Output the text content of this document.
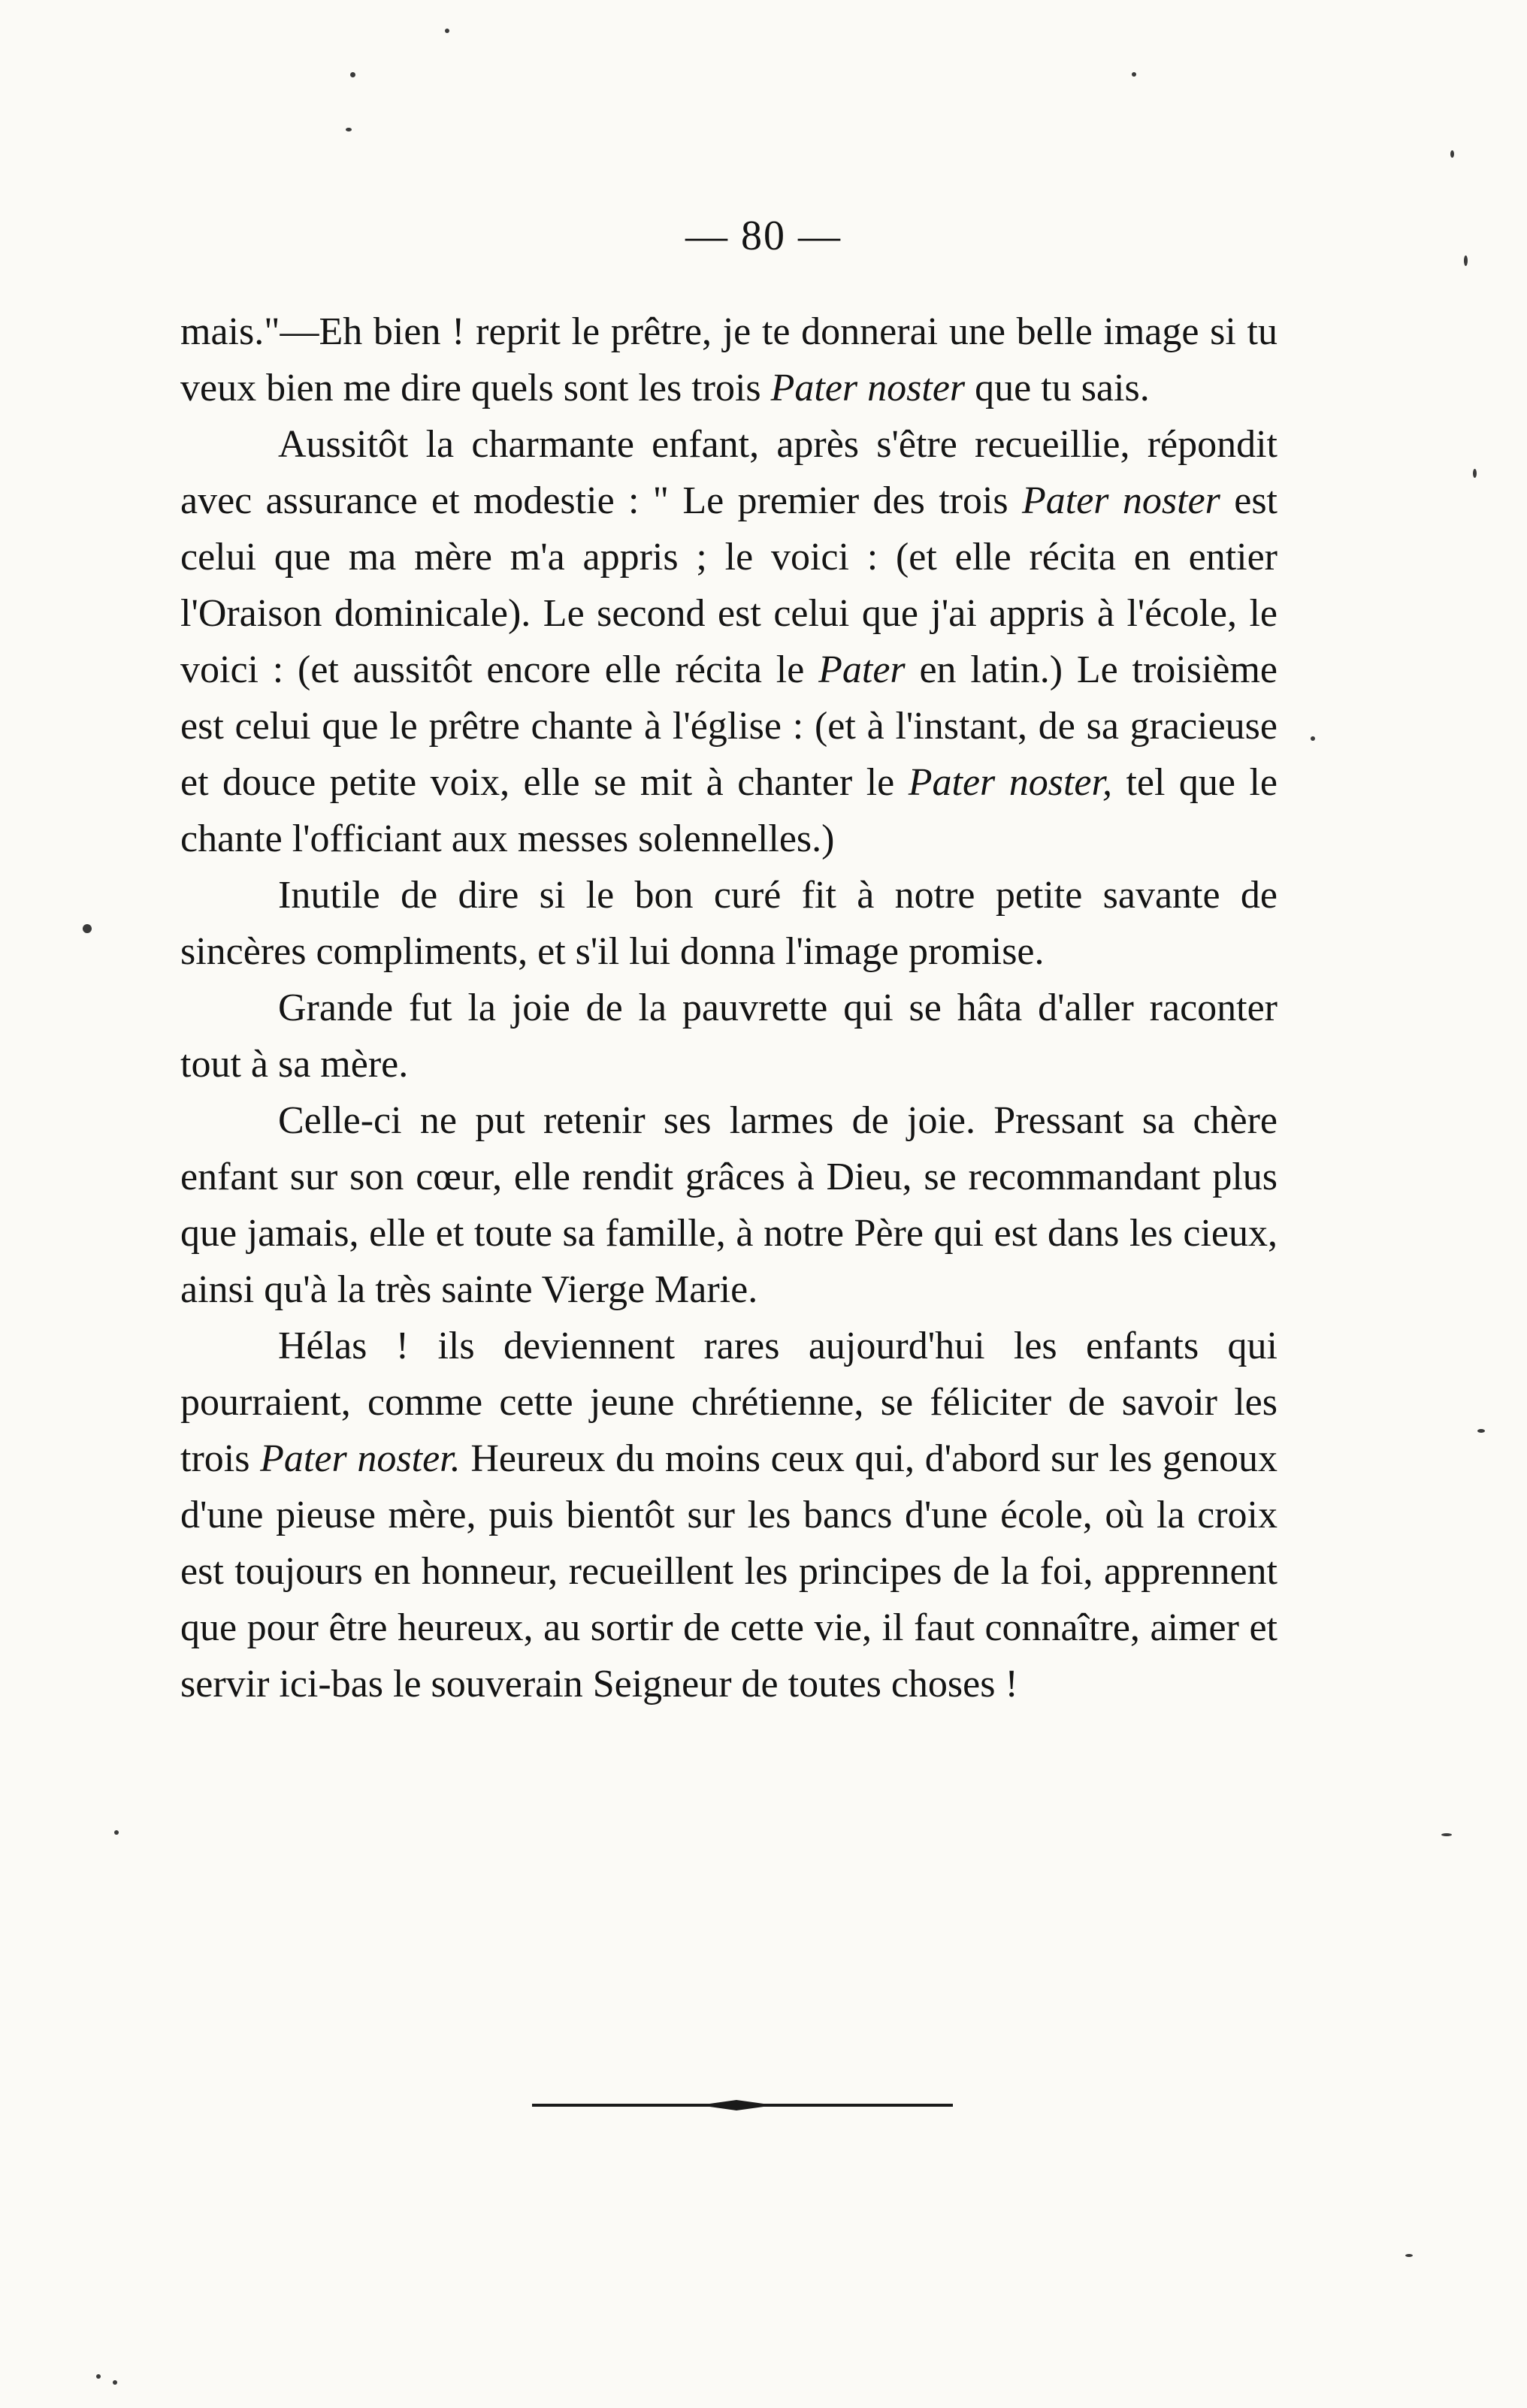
— 80 —

mais."—Eh bien ! reprit le prêtre, je te donnerai une belle image si tu veux bien me dire quels sont les trois Pater noster que tu sais.

Aussitôt la charmante enfant, après s'être recueillie, répondit avec assurance et modestie : " Le premier des trois Pater noster est celui que ma mère m'a appris ; le voici : (et elle récita en entier l'Oraison dominicale). Le second est celui que j'ai appris à l'école, le voici : (et aussitôt encore elle récita le Pater en latin.) Le troisième est celui que le prêtre chante à l'église : (et à l'instant, de sa gracieuse et douce petite voix, elle se mit à chanter le Pater noster, tel que le chante l'officiant aux messes solennelles.)

Inutile de dire si le bon curé fit à notre petite savante de sincères compliments, et s'il lui donna l'image promise.

Grande fut la joie de la pauvrette qui se hâta d'aller raconter tout à sa mère.

Celle-ci ne put retenir ses larmes de joie. Pressant sa chère enfant sur son cœur, elle rendit grâces à Dieu, se recommandant plus que jamais, elle et toute sa famille, à notre Père qui est dans les cieux, ainsi qu'à la très sainte Vierge Marie.

Hélas ! ils deviennent rares aujourd'hui les enfants qui pourraient, comme cette jeune chrétienne, se féliciter de savoir les trois Pater noster. Heureux du moins ceux qui, d'abord sur les genoux d'une pieuse mère, puis bientôt sur les bancs d'une école, où la croix est toujours en honneur, recueillent les principes de la foi, apprennent que pour être heureux, au sortir de cette vie, il faut connaître, aimer et servir ici-bas le souverain Seigneur de toutes choses !
